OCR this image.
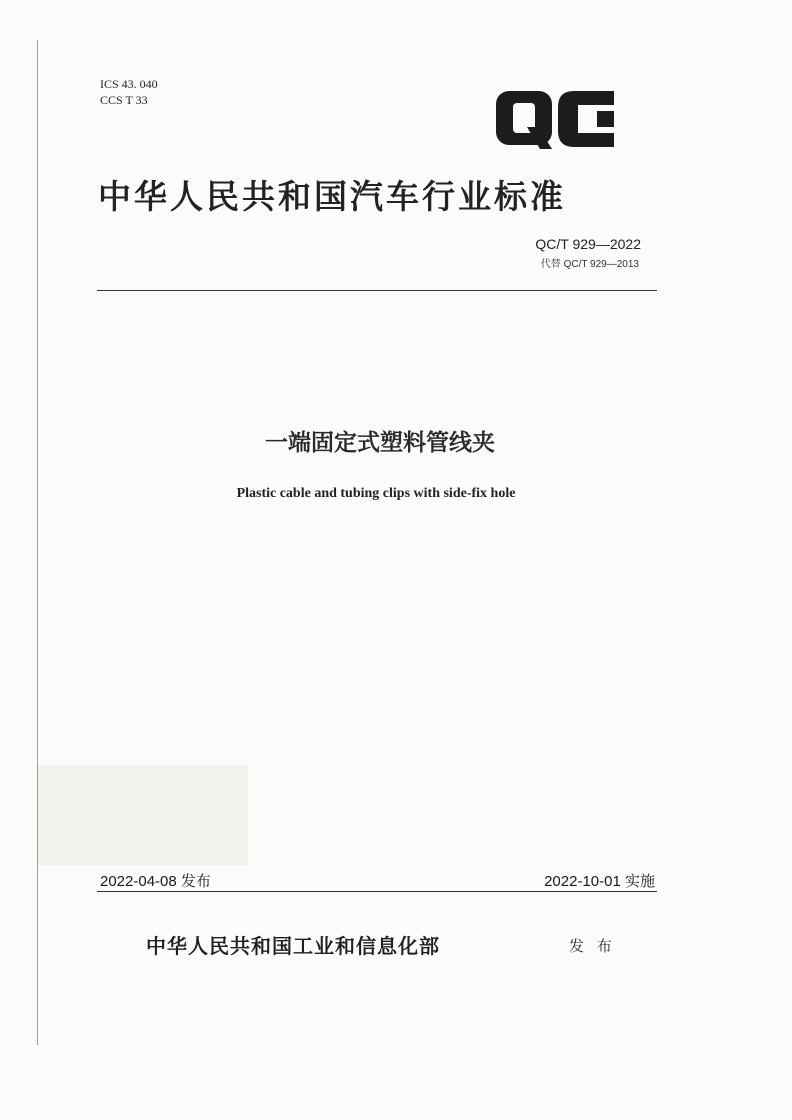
ICS 43. 040
CCS T 33
中华人民共和国汽车行业标准
QC/T 929—2022
代替 QC/T 929—2013
一端固定式塑料管线夹
Plastic cable and tubing clips with side-fix hole
2022-04-08 发布	2022-10-01 实施
中华人民共和国工业和信息化部	发 布
